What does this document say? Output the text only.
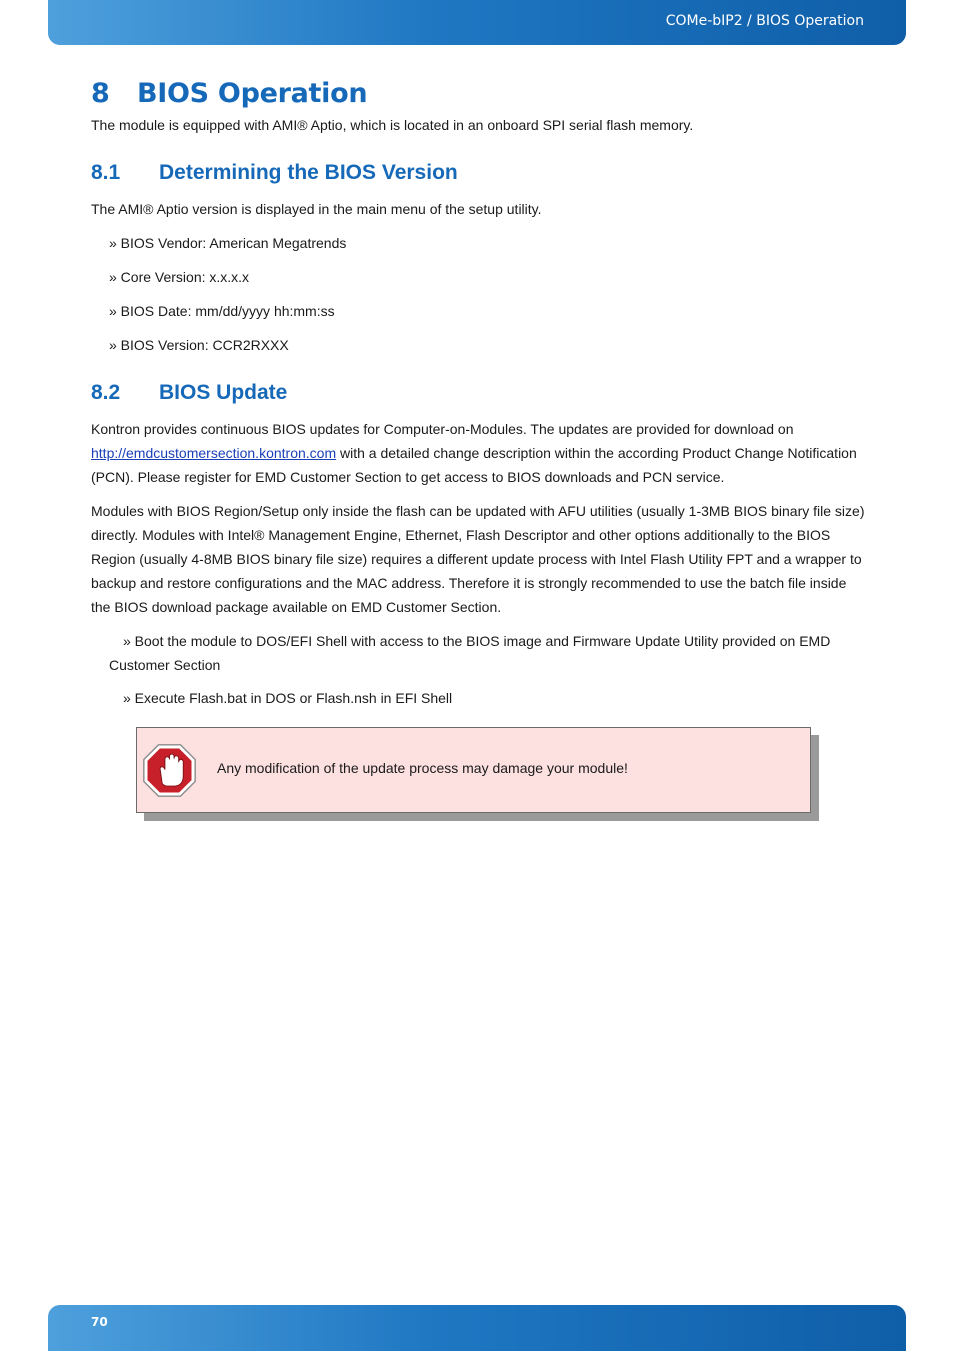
COMe-bIP2 / BIOS Operation
8 BIOS Operation

The module is equipped with AMI® Aptio, which is located in an onboard SPI serial flash memory.

8.1 Determining the BIOS Version

The AMI® Aptio version is displayed in the main menu of the setup utility.

» BIOS Vendor: American Megatrends

» Core Version: x.x.x.x

» BIOS Date: mm/dd/yyyy hh:mm:ss

» BIOS Version: CCR2RXXX

8.2 BIOS Update

Kontron provides continuous BIOS updates for Computer-on-Modules. The updates are provided for download on
http://emdcustomersection.kontron.com with a detailed change description within the according Product Change Notification (PCN). Please register for EMD Customer Section to get access to BIOS downloads and PCN service.

Modules with BIOS Region/Setup only inside the flash can be updated with AFU utilities (usually 1-3MB BIOS binary file size) directly. Modules with Intel® Management Engine, Ethernet, Flash Descriptor and other options additionally to the BIOS Region (usually 4-8MB BIOS binary file size) requires a different update process with Intel Flash Utility FPT and a wrapper to backup and restore configurations and the MAC address. Therefore it is strongly recommended to use the batch file inside the BIOS download package available on EMD Customer Section.

» Boot the module to DOS/EFI Shell with access to the BIOS image and Firmware Update Utility provided on EMD Customer Section

» Execute Flash.bat in DOS or Flash.nsh in EFI Shell

Any modification of the update process may damage your module!
70
